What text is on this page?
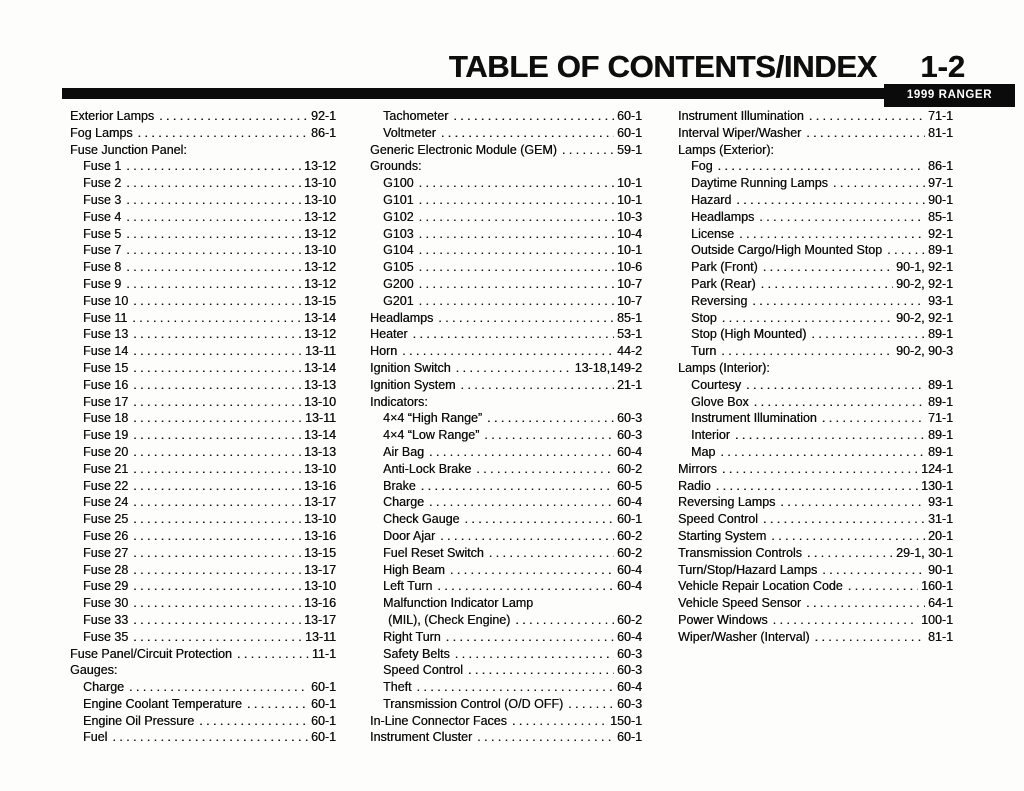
TABLE OF CONTENTS/INDEX 1-2
1999 RANGER
Exterior Lamps .....	92-1
Fog Lamps .....	86-1
Fuse Junction Panel:
Fuse 1 .....	13-12
Fuse 2 .....	13-10
Fuse 3 .....	13-10
Fuse 4 .....	13-12
Fuse 5 .....	13-12
Fuse 7 .....	13-10
Fuse 8 .....	13-12
Fuse 9 .....	13-12
Fuse 10 .....	13-15
Fuse 11 .....	13-14
Fuse 13 .....	13-12
Fuse 14 .....	13-11
Fuse 15 .....	13-14
Fuse 16 .....	13-13
Fuse 17 .....	13-10
Fuse 18 .....	13-11
Fuse 19 .....	13-14
Fuse 20 .....	13-13
Fuse 21 .....	13-10
Fuse 22 .....	13-16
Fuse 24 .....	13-17
Fuse 25 .....	13-10
Fuse 26 .....	13-16
Fuse 27 .....	13-15
Fuse 28 .....	13-17
Fuse 29 .....	13-10
Fuse 30 .....	13-16
Fuse 33 .....	13-17
Fuse 35 .....	13-11
Fuse Panel/Circuit Protection .....	11-1
Gauges:
Charge .....	60-1
Engine Coolant Temperature .....	60-1
Engine Oil Pressure .....	60-1
Fuel .....	60-1
Tachometer .....	60-1
Voltmeter .....	60-1
Generic Electronic Module (GEM) .....	59-1
Grounds:
G100 .....	10-1
G101 .....	10-1
G102 .....	10-3
G103 .....	10-4
G104 .....	10-1
G105 .....	10-6
G200 .....	10-7
G201 .....	10-7
Headlamps .....	85-1
Heater .....	53-1
Horn .....	44-2
Ignition Switch .....	13-18,149-2
Ignition System .....	21-1
Indicators:
4×4 “High Range” .....	60-3
4×4 “Low Range” .....	60-3
Air Bag .....	60-4
Anti-Lock Brake .....	60-2
Brake .....	60-5
Charge .....	60-4
Check Gauge .....	60-1
Door Ajar .....	60-2
Fuel Reset Switch .....	60-2
High Beam .....	60-4
Left Turn .....	60-4
Malfunction Indicator Lamp
(MIL), (Check Engine) .....	60-2
Right Turn .....	60-4
Safety Belts .....	60-3
Speed Control .....	60-3
Theft .....	60-4
Transmission Control (O/D OFF) .....	60-3
In-Line Connector Faces .....	150-1
Instrument Cluster .....	60-1
Instrument Illumination .....	71-1
Interval Wiper/Washer .....	81-1
Lamps (Exterior):
Fog .....	86-1
Daytime Running Lamps .....	97-1
Hazard .....	90-1
Headlamps .....	85-1
License .....	92-1
Outside Cargo/High Mounted Stop .....	89-1
Park (Front) .....	90-1, 92-1
Park (Rear) .....	90-2, 92-1
Reversing .....	93-1
Stop .....	90-2, 92-1
Stop (High Mounted) .....	89-1
Turn .....	90-2, 90-3
Lamps (Interior):
Courtesy .....	89-1
Glove Box .....	89-1
Instrument Illumination .....	71-1
Interior .....	89-1
Map .....	89-1
Mirrors .....	124-1
Radio .....	130-1
Reversing Lamps .....	93-1
Speed Control .....	31-1
Starting System .....	20-1
Transmission Controls .....	29-1, 30-1
Turn/Stop/Hazard Lamps .....	90-1
Vehicle Repair Location Code .....	160-1
Vehicle Speed Sensor .....	64-1
Power Windows .....	100-1
Wiper/Washer (Interval) .....	81-1
